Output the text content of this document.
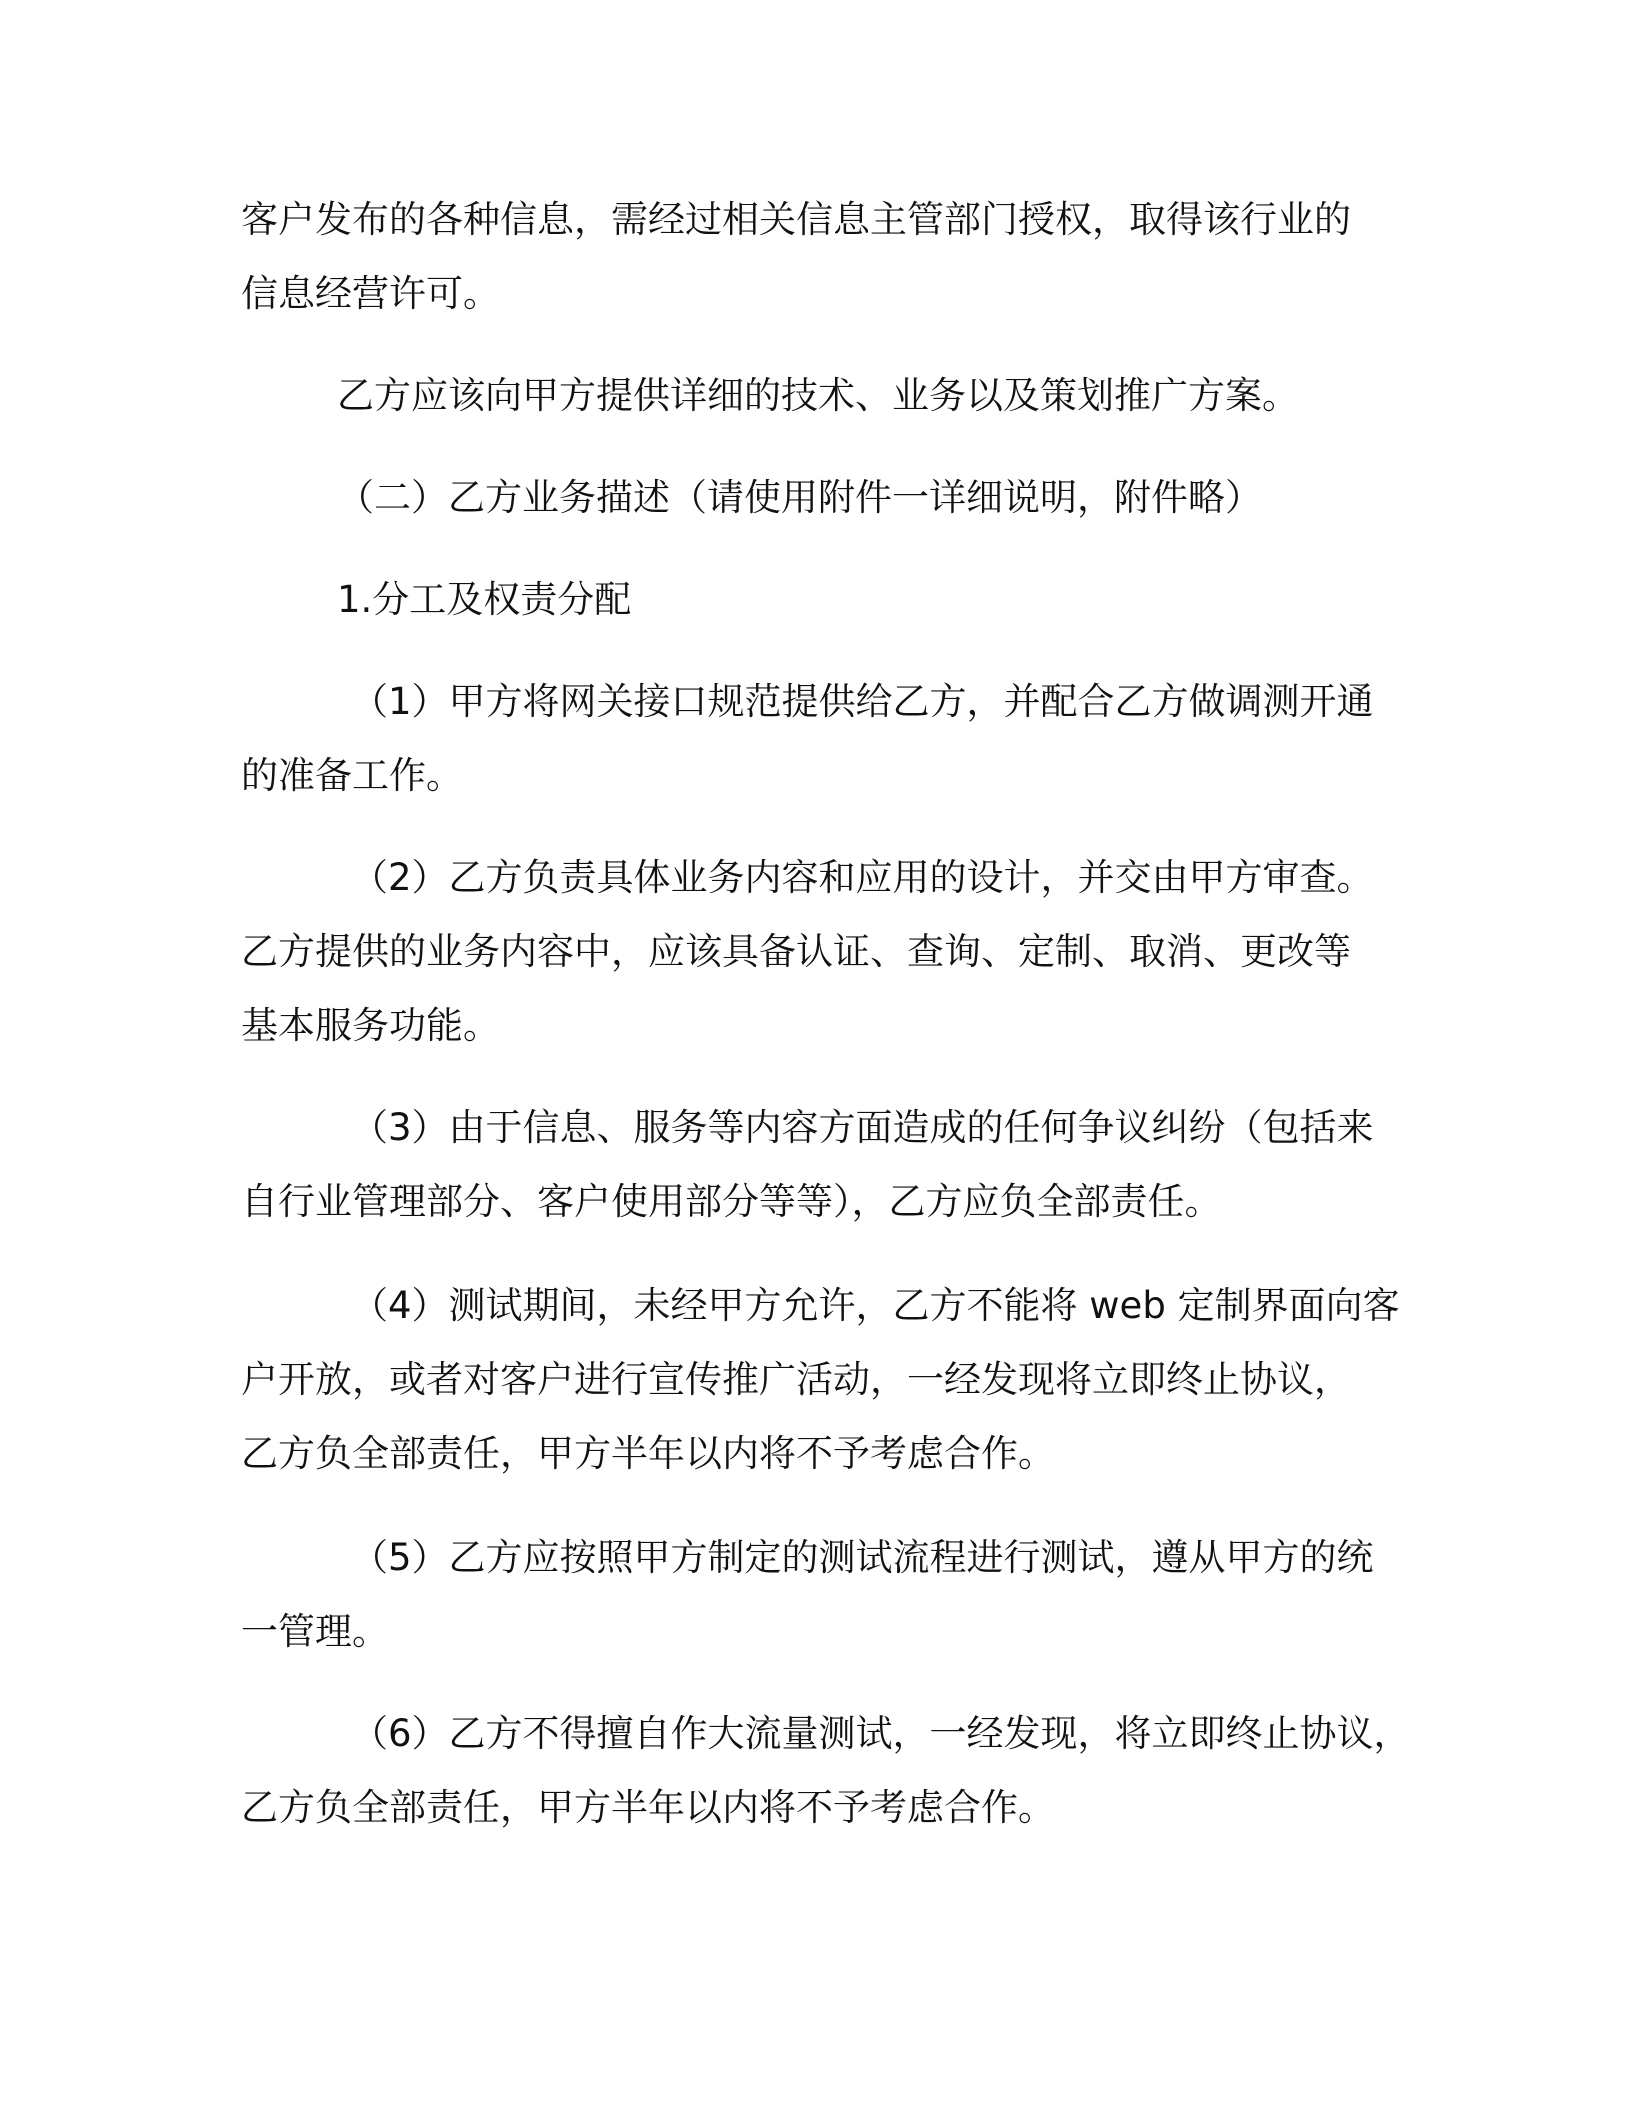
客户发布的各种信息，需经过相关信息主管部门授权，取得该行业的
信息经营许可。
乙方应该向甲方提供详细的技术、业务以及策划推广方案。
（二）乙方业务描述（请使用附件一详细说明，附件略）
1.分工及权责分配
（1）甲方将网关接口规范提供给乙方，并配合乙方做调测开通
的准备工作。
（2）乙方负责具体业务内容和应用的设计，并交由甲方审查。
乙方提供的业务内容中，应该具备认证、查询、定制、取消、更改等
基本服务功能。
（3）由于信息、服务等内容方面造成的任何争议纠纷（包括来
自行业管理部分、客户使用部分等等），乙方应负全部责任。
（4）测试期间，未经甲方允许，乙方不能将 web 定制界面向客
户开放，或者对客户进行宣传推广活动，一经发现将立即终止协议，
乙方负全部责任，甲方半年以内将不予考虑合作。
（5）乙方应按照甲方制定的测试流程进行测试，遵从甲方的统
一管理。
（6）乙方不得擅自作大流量测试，一经发现，将立即终止协议，
乙方负全部责任，甲方半年以内将不予考虑合作。
